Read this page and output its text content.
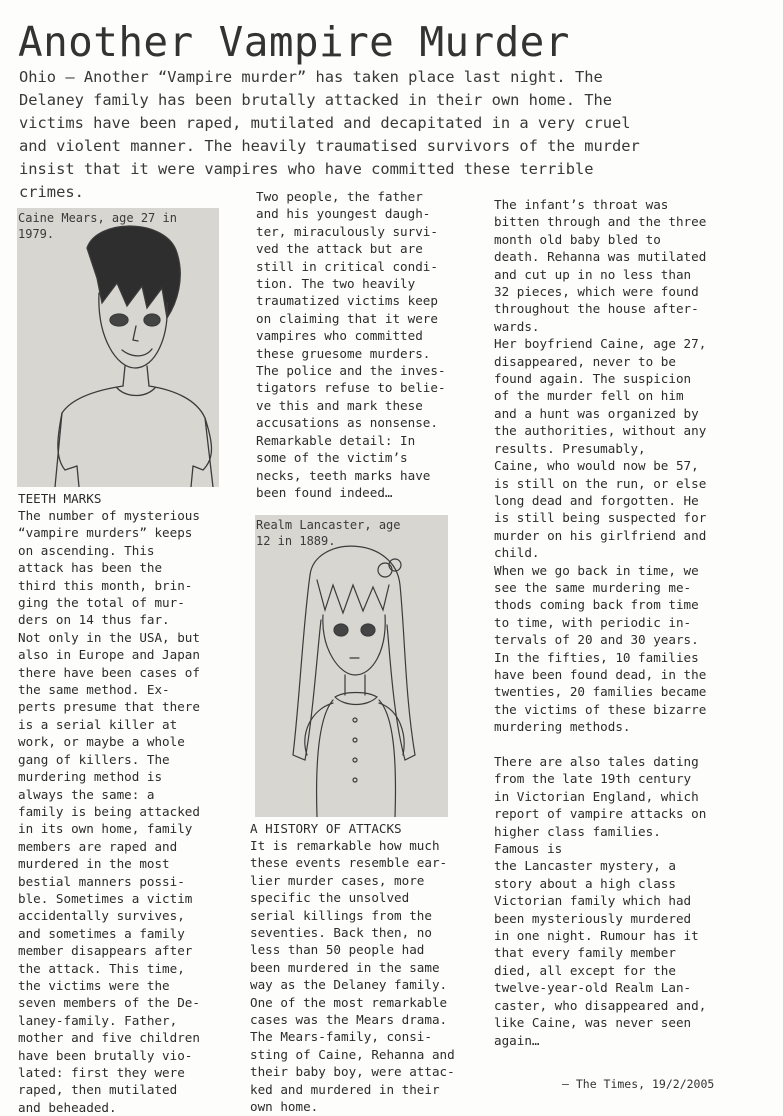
Another Vampire Murder

Ohio – Another “Vampire murder” has taken place last night. The
Delaney family has been brutally attacked in their own home. The
victims have been raped, mutilated and decapitated in a very cruel
and violent manner. The heavily traumatised survivors of the murder
insist that it were vampires who have committed these terrible
crimes.

Caine Mears, age 27 in
1979.
TEETH MARKS

The number of mysterious
“vampire murders” keeps
on ascending. This
attack has been the
third this month, brin-
ging the total of mur-
ders on 14 thus far.
Not only in the USA, but
also in Europe and Japan
there have been cases of
the same method. Ex-
perts presume that there
is a serial killer at
work, or maybe a whole
gang of killers. The
murdering method is
always the same: a
family is being attacked
in its own home, family
members are raped and
murdered in the most
bestial manners possi-
ble. Sometimes a victim
accidentally survives,
and sometimes a family
member disappears after
the attack. This time,
the victims were the
seven members of the De-
laney-family. Father,
mother and five children
have been brutally vio-
lated: first they were
raped, then mutilated
and beheaded.

Two people, the father
and his youngest daugh-
ter, miraculously survi-
ved the attack but are
still in critical condi-
tion. The two heavily
traumatized victims keep
on claiming that it were
vampires who committed
these gruesome murders.
The police and the inves-
tigators refuse to belie-
ve this and mark these
accusations as nonsense.
Remarkable detail: In
some of the victim’s
necks, teeth marks have
been found indeed…

Realm Lancaster, age
12 in 1889.
A HISTORY OF ATTACKS

It is remarkable how much
these events resemble ear-
lier murder cases, more
specific the unsolved
serial killings from the
seventies. Back then, no
less than 50 people had
been murdered in the same
way as the Delaney family.
One of the most remarkable
cases was the Mears drama.
The Mears-family, consi-
sting of Caine, Rehanna and
their baby boy, were attac-
ked and murdered in their
own home.

The infant’s throat was
bitten through and the three
month old baby bled to
death. Rehanna was mutilated
and cut up in no less than
32 pieces, which were found
throughout the house after-
wards.
Her boyfriend Caine, age 27,
disappeared, never to be
found again. The suspicion
of the murder fell on him
and a hunt was organized by
the authorities, without any
results. Presumably,
Caine, who would now be 57,
is still on the run, or else
long dead and forgotten. He
is still being suspected for
murder on his girlfriend and
child.
When we go back in time, we
see the same murdering me-
thods coming back from time
to time, with periodic in-
tervals of 20 and 30 years.
In the fifties, 10 families
have been found dead, in the
twenties, 20 families became
the victims of these bizarre
murdering methods.

There are also tales dating
from the late 19th century
in Victorian England, which
report of vampire attacks on
higher class families.
Famous is
the Lancaster mystery, a
story about a high class
Victorian family which had
been mysteriously murdered
in one night. Rumour has it
that every family member
died, all except for the
twelve-year-old Realm Lan-
caster, who disappeared and,
like Caine, was never seen
again…

– The Times, 19/2/2005
